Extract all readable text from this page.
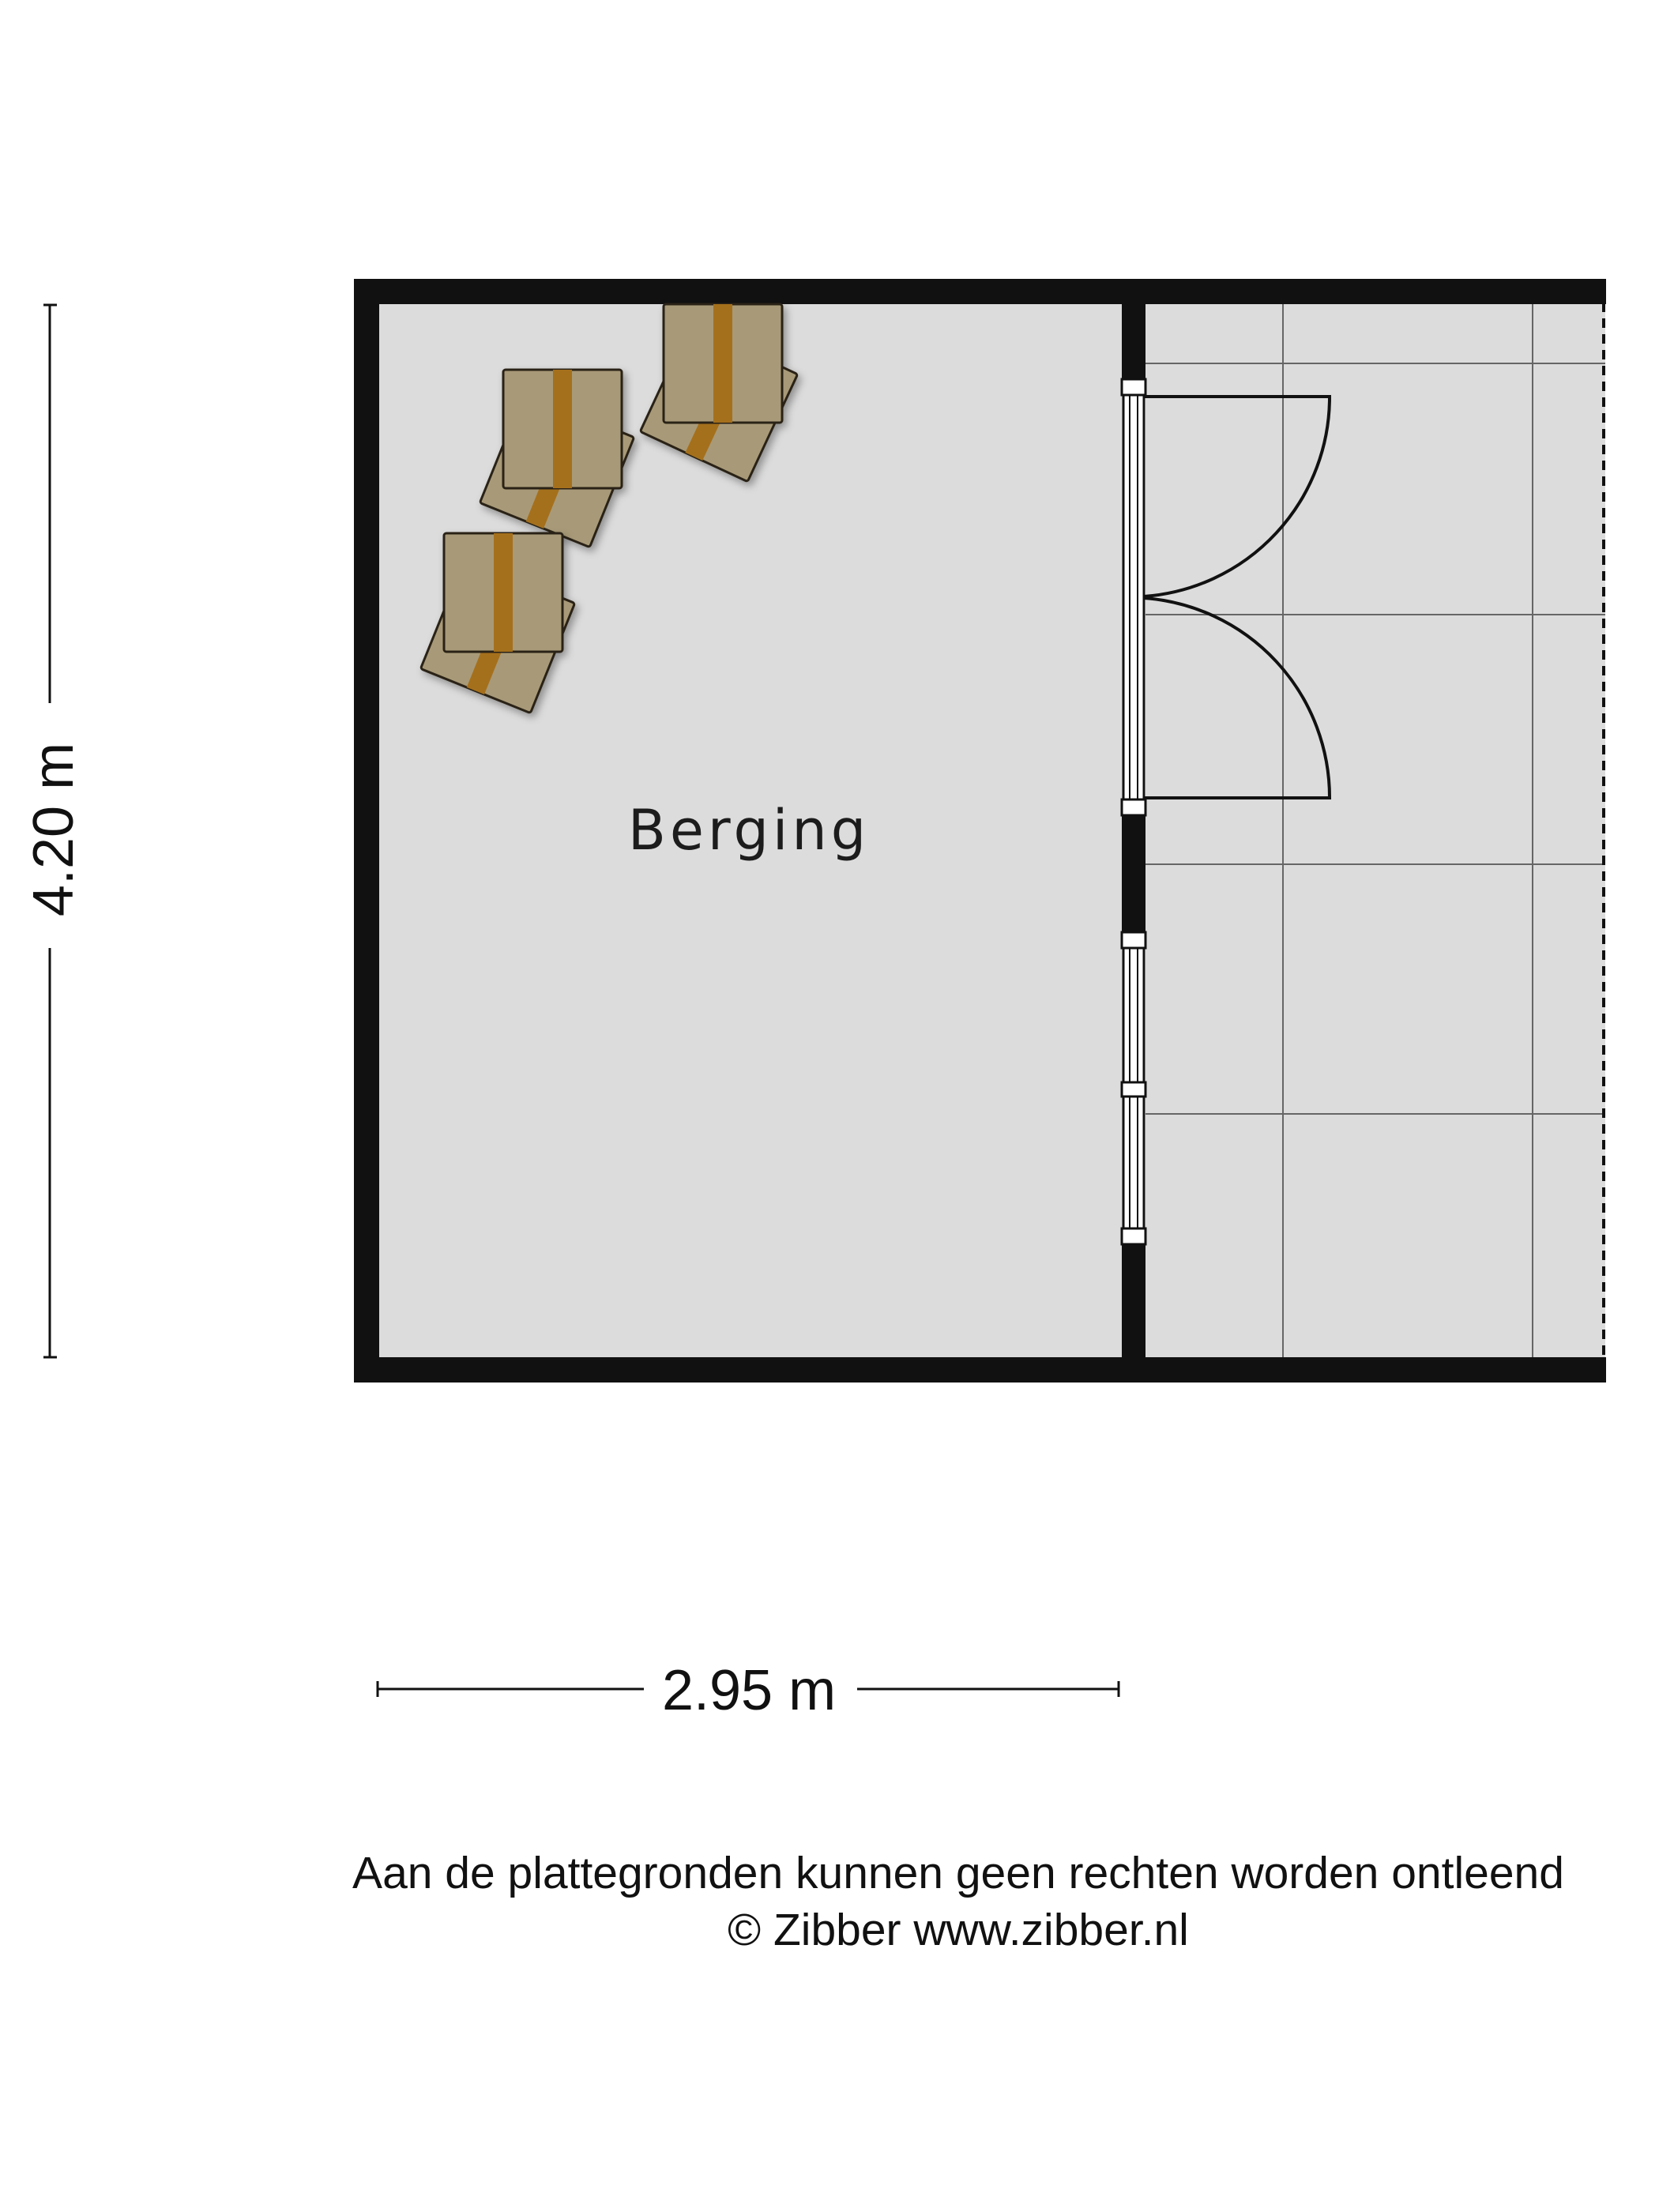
Berging
4.20 m
2.95 m
Aan de plattegronden kunnen geen rechten worden ontleend
© Zibber www.zibber.nl
